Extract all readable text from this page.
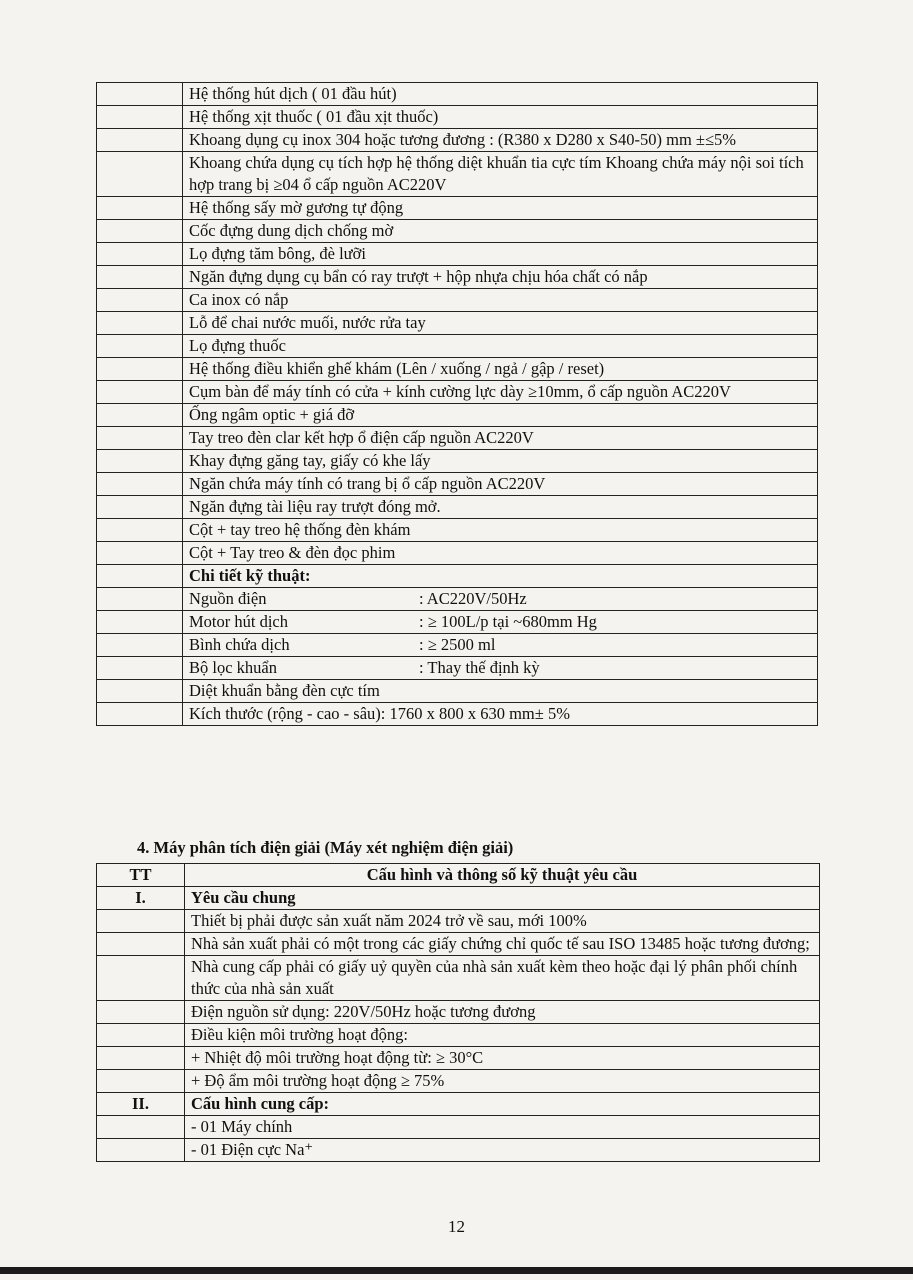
	Hệ thống hút dịch ( 01 đầu hút)
	Hệ thống xịt thuốc ( 01 đầu xịt thuốc)
	Khoang dụng cụ inox 304 hoặc tương đương : (R380 x D280 x S40-50) mm ±≤5%
	Khoang chứa dụng cụ tích hợp hệ thống diệt khuẩn tia cực tím Khoang chứa máy nội soi tích hợp trang bị ≥04 ổ cấp nguồn AC220V
	Hệ thống sấy mờ gương tự động
	Cốc đựng dung dịch chống mờ
	Lọ đựng tăm bông, đè lưỡi
	Ngăn đựng dụng cụ bẩn có ray trượt + hộp nhựa chịu hóa chất có nắp
	Ca inox có nắp
	Lỗ để chai nước muối, nước rửa tay
	Lọ đựng thuốc
	Hệ thống điều khiển ghế khám (Lên / xuống / ngả / gập / reset)
	Cụm bàn để máy tính có cửa + kính cường lực dày ≥10mm, ổ cấp nguồn AC220V
	Ống ngâm optic + giá đỡ
	Tay treo đèn clar kết hợp ổ điện cấp nguồn AC220V
	Khay đựng găng tay, giấy có khe lấy
	Ngăn chứa máy tính có trang bị ổ cấp nguồn AC220V
	Ngăn đựng tài liệu ray trượt đóng mở.
	Cột + tay treo hệ thống đèn khám
	Cột + Tay treo & đèn đọc phim
	Chi tiết kỹ thuật:

	Nguồn điện : AC220V/50Hz

	Motor hút dịch : ≥ 100L/p tại ~680mm Hg

	Bình chứa dịch : ≥ 2500 ml

	Bộ lọc khuẩn : Thay thế định kỳ

	Diệt khuẩn bằng đèn cực tím
	Kích thước (rộng - cao - sâu): 1760 x 800 x 630 mm± 5%
4. Máy phân tích điện giải (Máy xét nghiệm điện giải)
TT	Cấu hình và thông số kỹ thuật yêu cầu
I.	Yêu cầu chung
	Thiết bị phải được sản xuất năm 2024 trở về sau, mới 100%
	Nhà sản xuất phải có một trong các giấy chứng chỉ quốc tế sau ISO 13485 hoặc tương đương;
	Nhà cung cấp phải có giấy uỷ quyền của nhà sản xuất kèm theo hoặc đại lý phân phối chính thức của nhà sản xuất
	Điện nguồn sử dụng: 220V/50Hz hoặc tương đương
	Điều kiện môi trường hoạt động:
	+ Nhiệt độ môi trường hoạt động từ: ≥ 30°C
	+ Độ ẩm môi trường hoạt động ≥ 75%
II.	Cấu hình cung cấp:
	- 01 Máy chính
	- 01 Điện cực Na⁺
12
